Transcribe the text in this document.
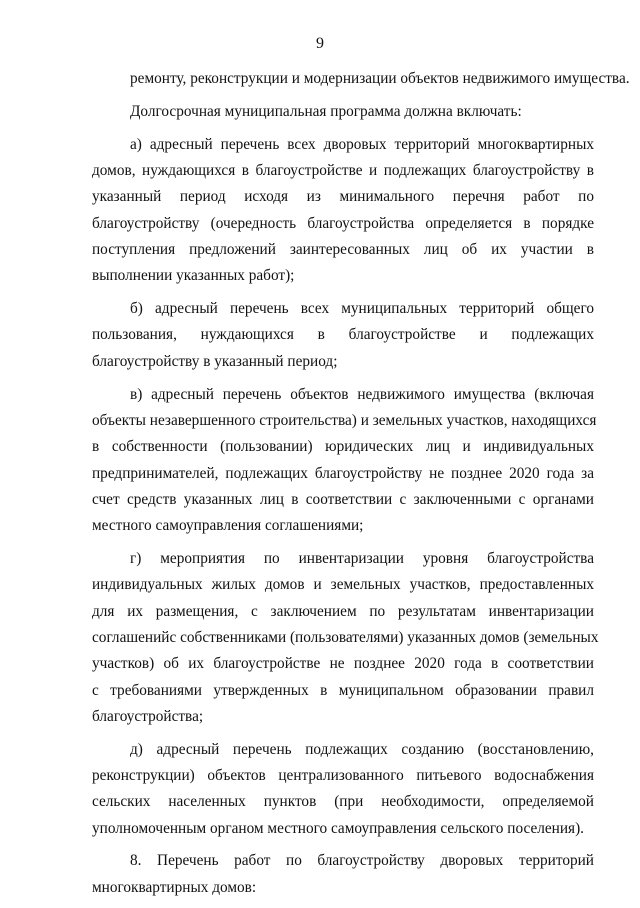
9
ремонту, реконструкции и модернизации объектов недвижимого имущества.
Долгосрочная муниципальная программа должна включать:
а) адресный перечень всех дворовых территорий многоквартирных
домов, нуждающихся в благоустройстве и подлежащих благоустройству в
указанный период исходя из минимального перечня работ по
благоустройству (очередность благоустройства определяется в порядке
поступления предложений заинтересованных лиц об их участии в
выполнении указанных работ);
б) адресный перечень всех муниципальных территорий общего
пользования, нуждающихся в благоустройстве и подлежащих
благоустройству в указанный период;
в) адресный перечень объектов недвижимого имущества (включая
объекты незавершенного строительства) и земельных участков, находящихся
в собственности (пользовании) юридических лиц и индивидуальных
предпринимателей, подлежащих благоустройству не позднее 2020 года за
счет средств указанных лиц в соответствии с заключенными с органами
местного самоуправления соглашениями;
г) мероприятия по инвентаризации уровня благоустройства
индивидуальных жилых домов и земельных участков, предоставленных
для их размещения, с заключением по результатам инвентаризации
соглашенийс собственниками (пользователями) указанных домов (земельных
участков) об их благоустройстве не позднее 2020 года в соответствии
с требованиями утвержденных в муниципальном образовании правил
благоустройства;
д) адресный перечень подлежащих созданию (восстановлению,
реконструкции) объектов централизованного питьевого водоснабжения
сельских населенных пунктов (при необходимости, определяемой
уполномоченным органом местного самоуправления сельского поселения).
8. Перечень работ по благоустройству дворовых территорий
многоквартирных домов:
